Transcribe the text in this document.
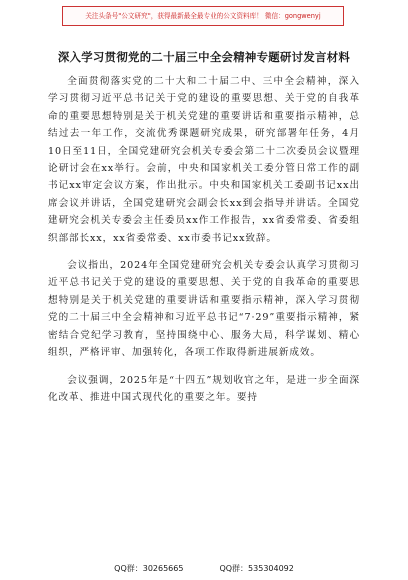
关注头条号"公文研究"，获得最新最全最专业的公文资料库！ 微信：gongwenyj
深入学习贯彻党的二十届三中全会精神专题研讨发言材料

全面贯彻落实党的二十大和二十届二中、三中全会精神，深入学习贯彻习近平总书记关于党的建设的重要思想、关于党的自我革命的重要思想特别是关于机关党建的重要讲话和重要指示精神，总结过去一年工作，交流优秀课题研究成果，研究部署年任务，4月10日至11日，全国党建研究会机关专委会第二十二次委员会议暨理论研讨会在xx举行。会前，中央和国家机关工委分管日常工作的副书记xx审定会议方案，作出批示。中央和国家机关工委副书记xx出席会议并讲话，全国党建研究会副会长xx到会指导并讲话。全国党建研究会机关专委会主任委员xx作工作报告，xx省委常委、省委组织部部长xx，xx省委常委、xx市委书记xx致辞。

会议指出，2024年全国党建研究会机关专委会认真学习贯彻习近平总书记关于党的建设的重要思想、关于党的自我革命的重要思想特别是关于机关党建的重要讲话和重要指示精神，深入学习贯彻党的二十届三中全会精神和习近平总书记“7·29”重要指示精神，紧密结合党纪学习教育，坚持围绕中心、服务大局，科学谋划、精心组织，严格评审、加强转化，各项工作取得新进展新成效。

会议强调，2025年是“十四五”规划收官之年，是进一步全面深化改革、推进中国式现代化的重要之年。要持

QQ群：30265665	QQ群：535304092
